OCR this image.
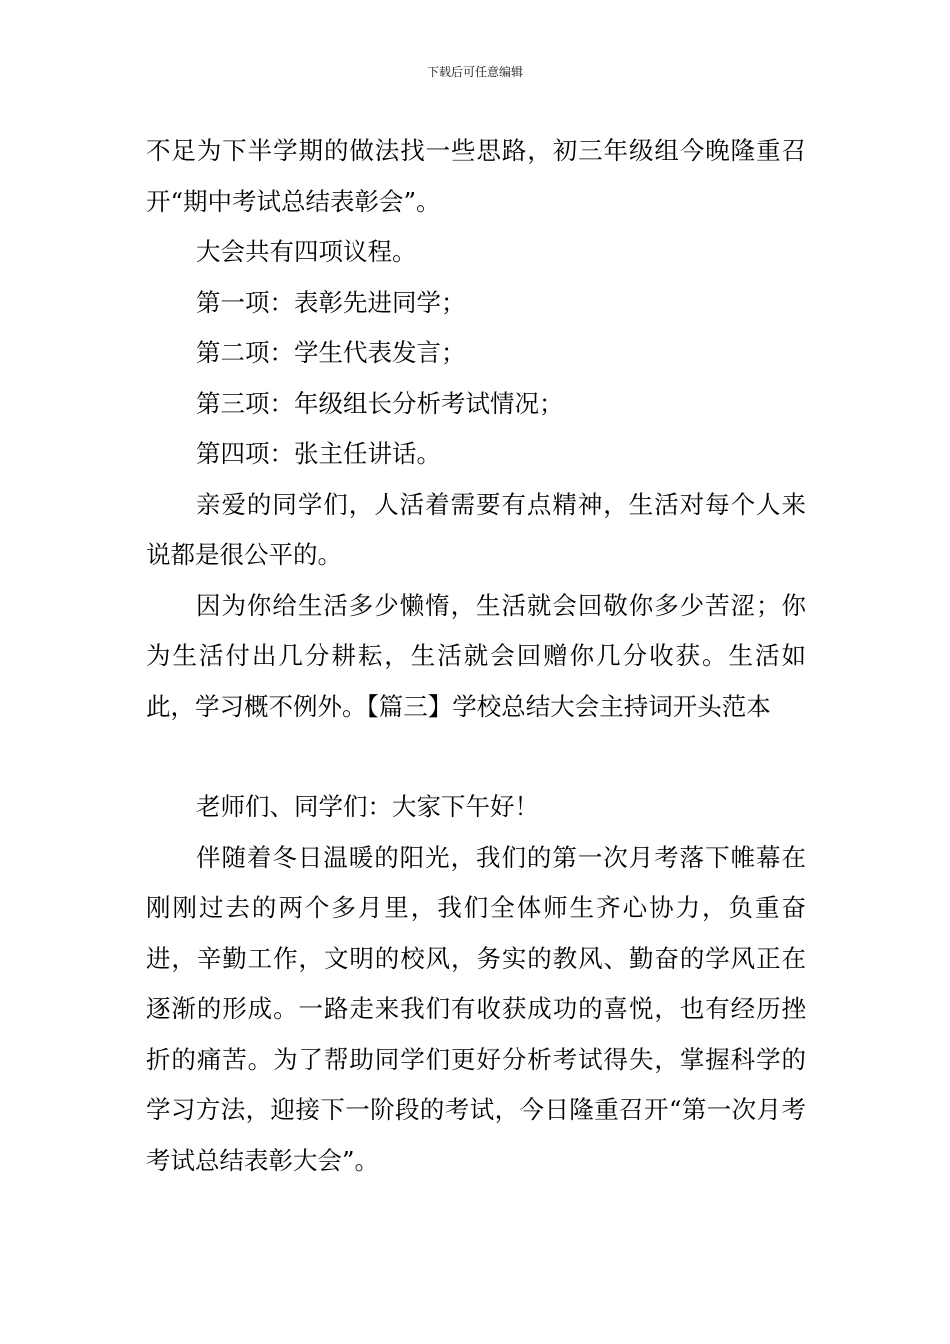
下载后可任意编辑

不足为下半学期的做法找一些思路，初三年级组今晚隆重召开“期中考试总结表彰会”。

大会共有四项议程。

第一项：表彰先进同学；

第二项：学生代表发言；

第三项：年级组长分析考试情况；

第四项：张主任讲话。

亲爱的同学们，人活着需要有点精神，生活对每个人来说都是很公平的。

因为你给生活多少懒惰，生活就会回敬你多少苦涩；你为生活付出几分耕耘，生活就会回赠你几分收获。生活如此，学习概不例外。【篇三】学校总结大会主持词开头范本

老师们、同学们：大家下午好！

伴随着冬日温暖的阳光，我们的第一次月考落下帷幕在刚刚过去的两个多月里，我们全体师生齐心协力，负重奋进，辛勤工作，文明的校风，务实的教风、勤奋的学风正在逐渐的形成。一路走来我们有收获成功的喜悦，也有经历挫折的痛苦。为了帮助同学们更好分析考试得失，掌握科学的学习方法，迎接下一阶段的考试，今日隆重召开“第一次月考考试总结表彰大会”。
